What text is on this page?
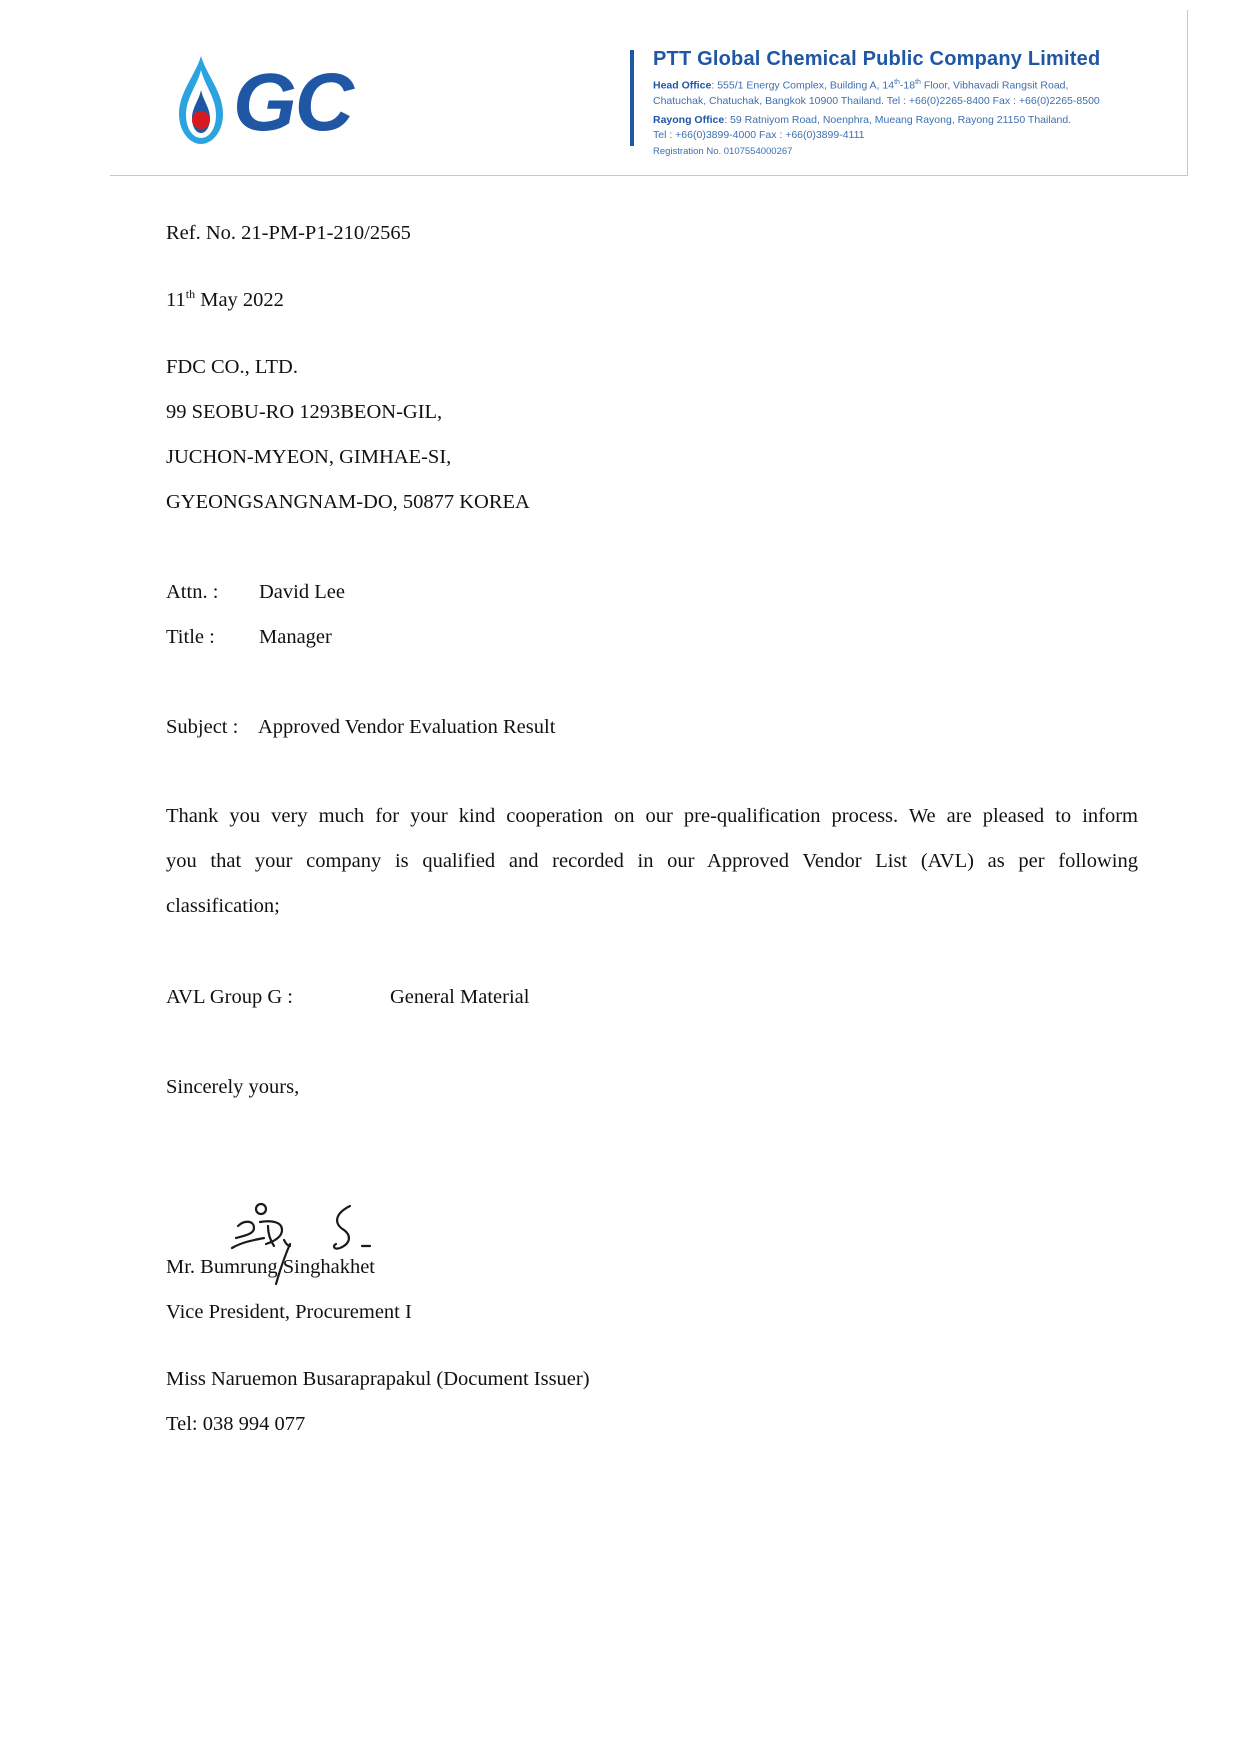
GC	PTT Global Chemical Public Company Limited
Head Office: 555/1 Energy Complex, Building A, 14th-18th Floor, Vibhavadi Rangsit Road,
Chatuchak, Chatuchak, Bangkok 10900 Thailand. Tel : +66(0)2265-8400 Fax : +66(0)2265-8500
Rayong Office: 59 Ratniyom Road, Noenphra, Mueang Rayong, Rayong 21150 Thailand.
Tel : +66(0)3899-4000 Fax : +66(0)3899-4111
Registration No. 0107554000267
Ref. No. 21-PM-P1-210/2565
11th May 2022
FDC CO., LTD.
99 SEOBU-RO 1293BEON-GIL,
JUCHON-MYEON, GIMHAE-SI,
GYEONGSANGNAM-DO, 50877 KOREA
Attn. : David Lee
Title : Manager
Subject : Approved Vendor Evaluation Result
Thank you very much for your kind cooperation on our pre-qualification process. We are pleased to inform
you that your company is qualified and recorded in our Approved Vendor List (AVL) as per following
classification;
AVL Group G :	General Material
Sincerely yours,
Mr. Bumrung Singhakhet
Vice President, Procurement I
Miss Naruemon Busaraprapakul (Document Issuer)
Tel: 038 994 077
